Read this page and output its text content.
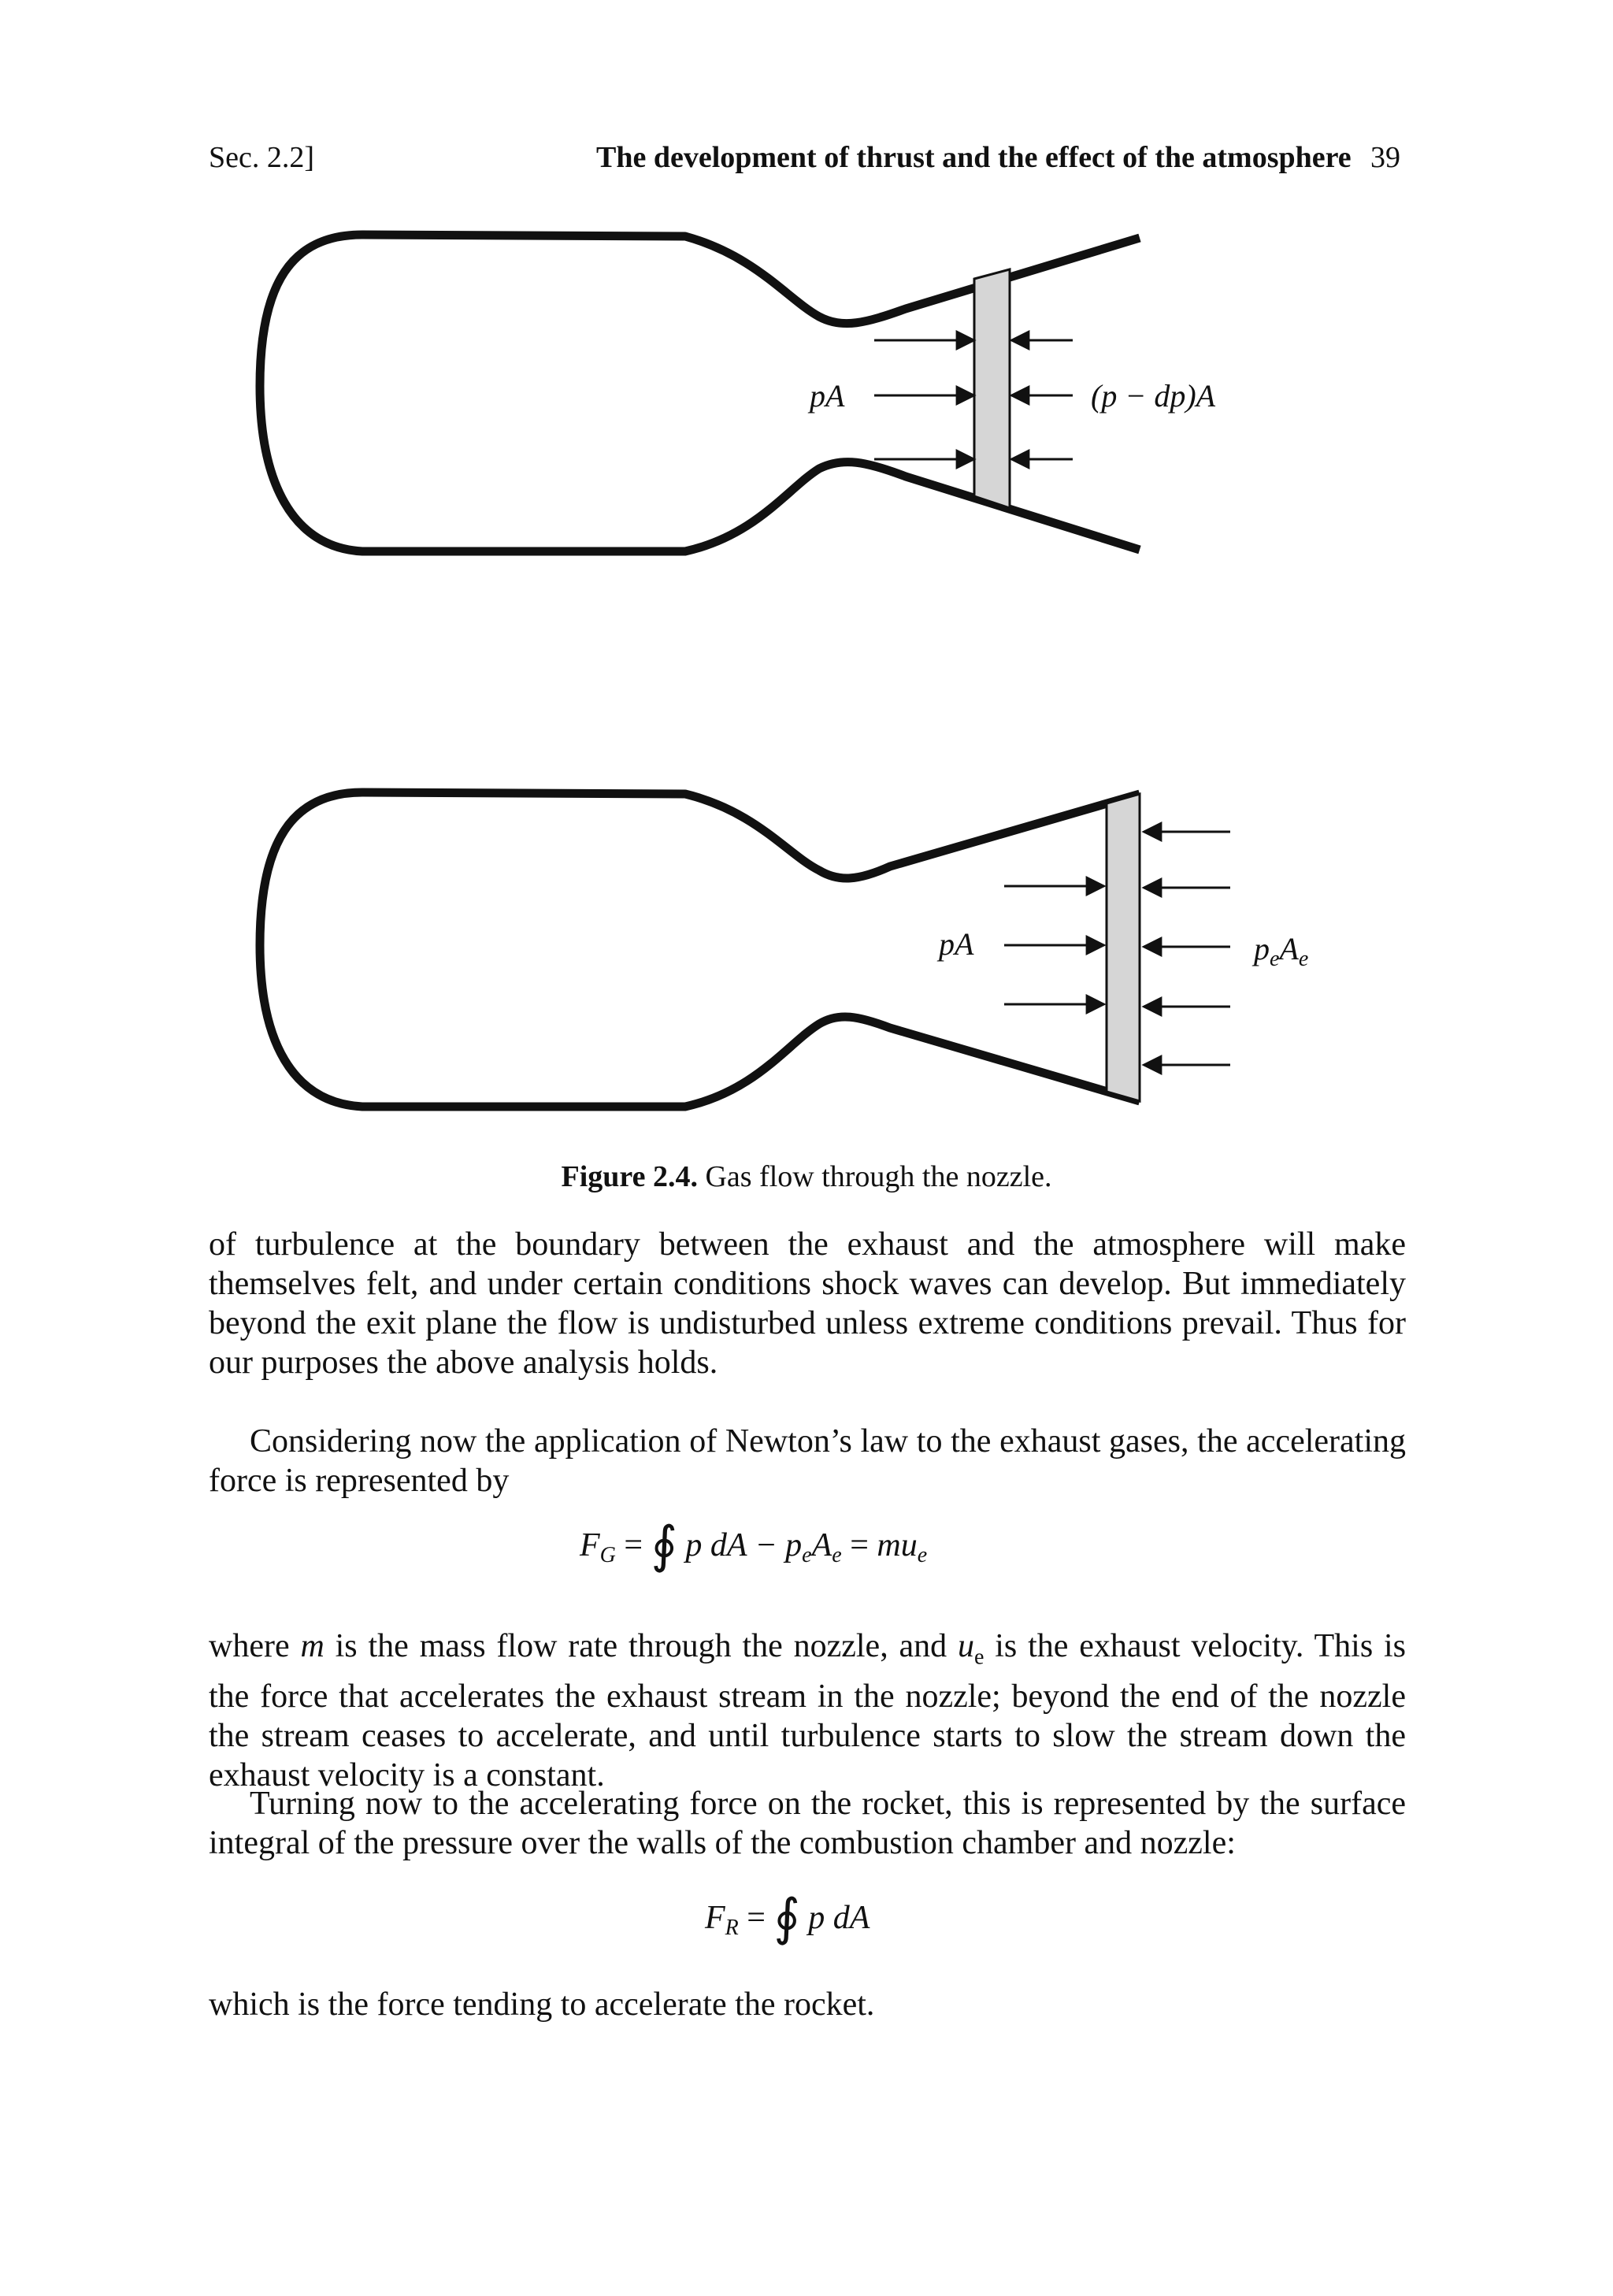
Sec. 2.2]	The development of thrust and the effect of the atmosphere 39
pA	(p − dp)A
pA	$p_eA_e$
Figure 2.4. Gas flow through the nozzle.

of turbulence at the boundary between the exhaust and the atmosphere will make themselves felt, and under certain conditions shock waves can develop. But immediately beyond the exit plane the flow is undisturbed unless extreme conditions prevail. Thus for our purposes the above analysis holds.

Considering now the application of Newton’s law to the exhaust gases, the accelerating force is represented by

$F_G$ = ∮ p dA − $p_eA_e = mu_e$

where m is the mass flow rate through the nozzle, and $u_e$ is the exhaust velocity. This is the force that accelerates the exhaust stream in the nozzle; beyond the end of the nozzle the stream ceases to accelerate, and until turbulence starts to slow the stream down the exhaust velocity is a constant.

Turning now to the accelerating force on the rocket, this is represented by the surface integral of the pressure over the walls of the combustion chamber and nozzle:

$F_R$ = ∮ p dA

which is the force tending to accelerate the rocket.
